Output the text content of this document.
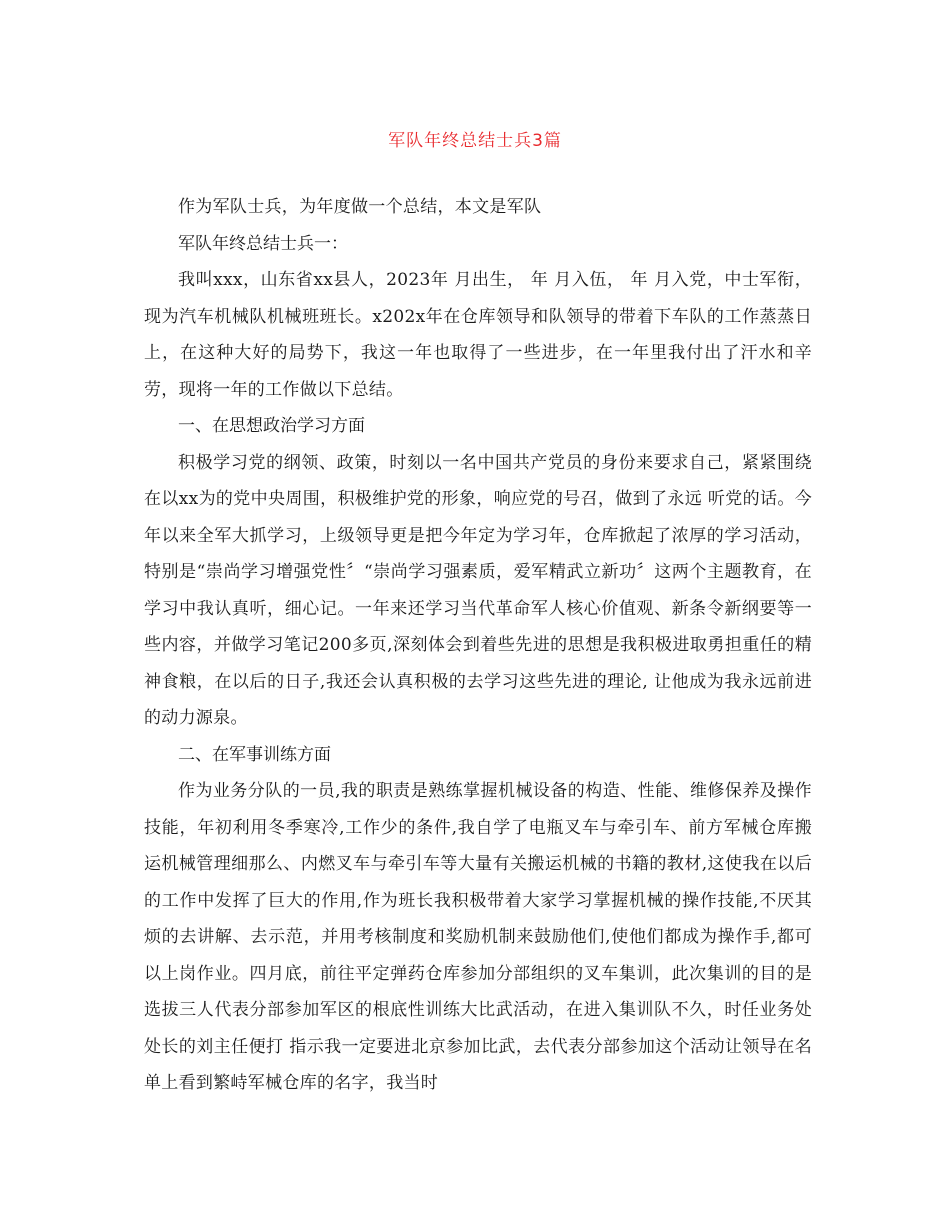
军队年终总结士兵3篇

作为军队士兵，为年度做一个总结，本文是军队

军队年终总结士兵一：

我叫xxx，山东省xx县人，2023年 月出生， 年 月入伍， 年 月入党，中士军衔，现为汽车机械队机械班班长。x202x年在仓库领导和队领导的带着下车队的工作蒸蒸日上，在这种大好的局势下，我这一年也取得了一些进步，在一年里我付出了汗水和辛劳，现将一年的工作做以下总结。

一、在思想政治学习方面

积极学习党的纲领、政策，时刻以一名中国共产党员的身份来要求自己，紧紧围绕在以xx为的党中央周围，积极维护党的形象，响应党的号召，做到了永远 听党的话。今年以来全军大抓学习，上级领导更是把今年定为学习年，仓库掀起了浓厚的学习活动，特别是“崇尚学习增强党性〞“崇尚学习强素质，爱军精武立新功〞这两个主题教育，在学习中我认真听，细心记。一年来还学习当代革命军人核心价值观、新条令新纲要等一些内容，并做学习笔记200多页,深刻体会到着些先进的思想是我积极进取勇担重任的精神食粮，在以后的日子,我还会认真积极的去学习这些先进的理论, 让他成为我永远前进的动力源泉。

二、在军事训练方面

作为业务分队的一员,我的职责是熟练掌握机械设备的构造、性能、维修保养及操作技能，年初利用冬季寒冷,工作少的条件,我自学了电瓶叉车与牵引车、前方军械仓库搬运机械管理细那么、内燃叉车与牵引车等大量有关搬运机械的书籍的教材,这使我在以后的工作中发挥了巨大的作用,作为班长我积极带着大家学习掌握机械的操作技能,不厌其烦的去讲解、去示范，并用考核制度和奖励机制来鼓励他们,使他们都成为操作手,都可以上岗作业。四月底，前往平定弹药仓库参加分部组织的叉车集训，此次集训的目的是选拔三人代表分部参加军区的根底性训练大比武活动，在进入集训队不久，时任业务处处长的刘主任便打 指示我一定要进北京参加比武，去代表分部参加这个活动让领导在名单上看到繁峙军械仓库的名字，我当时
